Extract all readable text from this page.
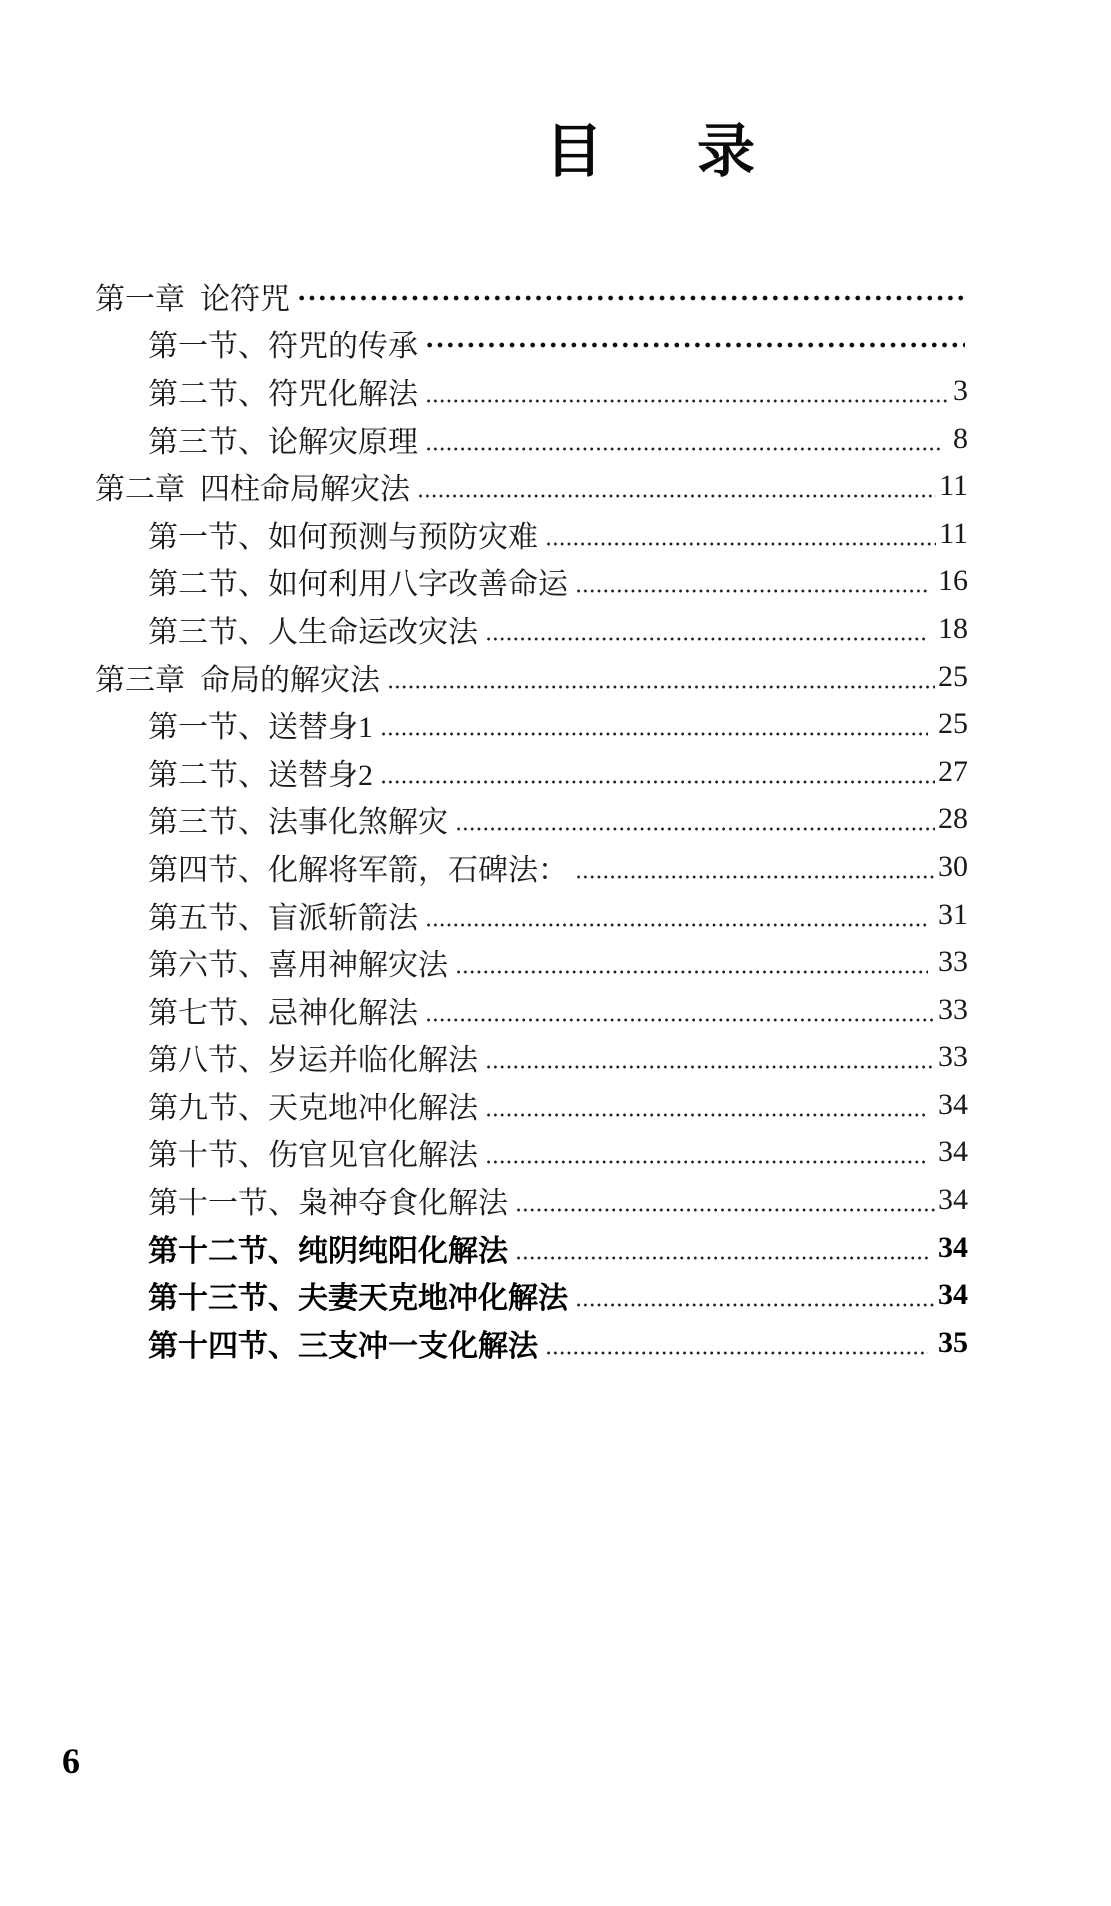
目　录
第一章  论符咒
第一节、符咒的传承
第二节、符咒化解法	3
第三节、论解灾原理	8
第二章  四柱命局解灾法	11
第一节、如何预测与预防灾难	11
第二节、如何利用八字改善命运	16
第三节、人生命运改灾法	18
第三章  命局的解灾法	25
第一节、送替身1	25
第二节、送替身2	27
第三节、法事化煞解灾	28
第四节、化解将军箭，石碑法：	30
第五节、盲派斩箭法	31
第六节、喜用神解灾法	33
第七节、忌神化解法	33
第八节、岁运并临化解法	33
第九节、天克地冲化解法	34
第十节、伤官见官化解法	34
第十一节、枭神夺食化解法	34
第十二节、纯阴纯阳化解法	34
第十三节、夫妻天克地冲化解法	34
第十四节、三支冲一支化解法	35
6
